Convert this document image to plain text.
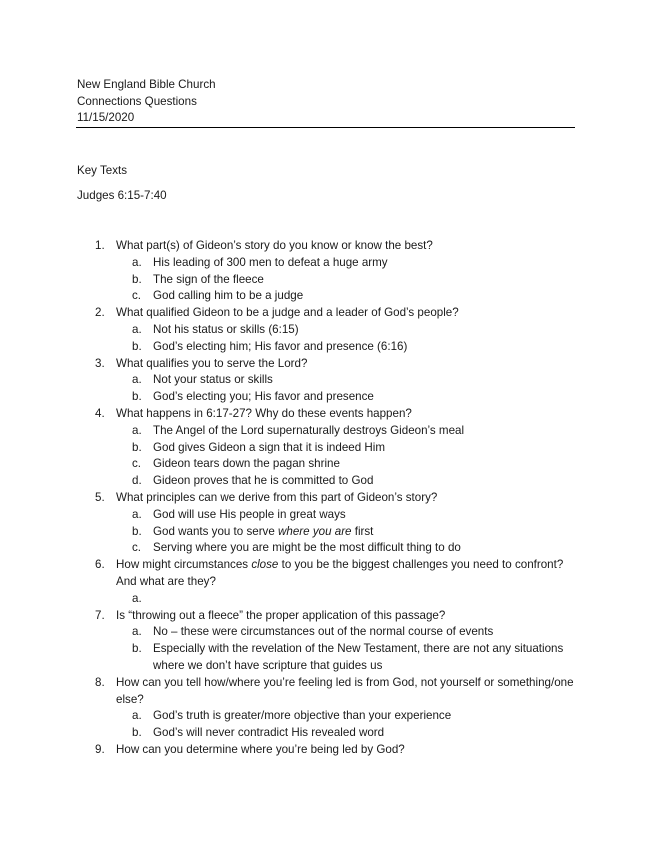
New England Bible Church
Connections Questions
11/15/2020
Key Texts
Judges 6:15-7:40
1. What part(s) of Gideon’s story do you know or know the best?
a. His leading of 300 men to defeat a huge army
b. The sign of the fleece
c. God calling him to be a judge
2. What qualified Gideon to be a judge and a leader of God’s people?
a. Not his status or skills (6:15)
b. God’s electing him; His favor and presence (6:16)
3. What qualifies you to serve the Lord?
a. Not your status or skills
b. God’s electing you; His favor and presence
4. What happens in 6:17-27? Why do these events happen?
a. The Angel of the Lord supernaturally destroys Gideon’s meal
b. God gives Gideon a sign that it is indeed Him
c. Gideon tears down the pagan shrine
d. Gideon proves that he is committed to God
5. What principles can we derive from this part of Gideon’s story?
a. God will use His people in great ways
b. God wants you to serve where you are first
c. Serving where you are might be the most difficult thing to do
6. How might circumstances close to you be the biggest challenges you need to confront? And what are they?
a.

7. Is “throwing out a fleece” the proper application of this passage?
a. No – these were circumstances out of the normal course of events
b. Especially with the revelation of the New Testament, there are not any situations where we don’t have scripture that guides us
8. How can you tell how/where you’re feeling led is from God, not yourself or something/one else?
a. God’s truth is greater/more objective than your experience
b. God’s will never contradict His revealed word
9. How can you determine where you’re being led by God?
